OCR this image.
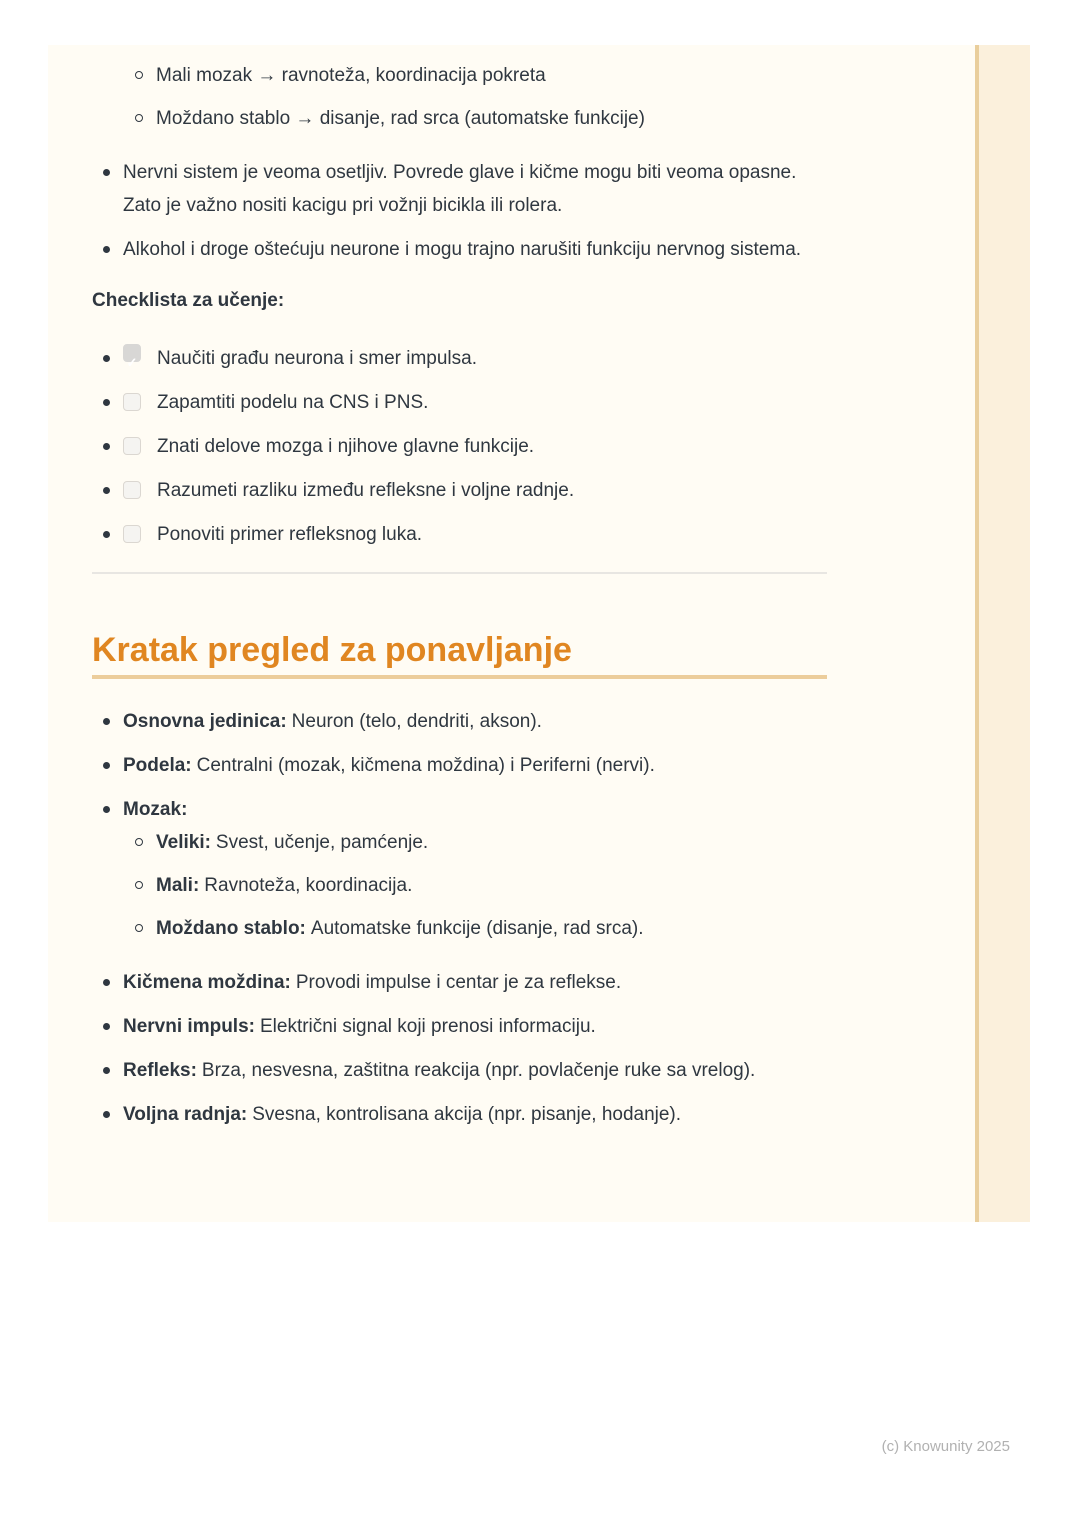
Mali mozak → ravnoteža, koordinacija pokreta
Moždano stablo → disanje, rad srca (automatske funkcije)
Nervni sistem je veoma osetljiv. Povrede glave i kičme mogu biti veoma opasne. Zato je važno nositi kacigu pri vožnji bicikla ili rolera.
Alkohol i droge oštećuju neurone i mogu trajno narušiti funkciju nervnog sistema.
Checklista za učenje:
✓ Naučiti građu neurona i smer impulsa.
Zapamtiti podelu na CNS i PNS.
Znati delove mozga i njihove glavne funkcije.
Razumeti razliku između refleksne i voljne radnje.
Ponoviti primer refleksnog luka.
Kratak pregled za ponavljanje
Osnovna jedinica: Neuron (telo, dendriti, akson).
Podela: Centralni (mozak, kičmena moždina) i Periferni (nervi).
Mozak:
Veliki: Svest, učenje, pamćenje.
Mali: Ravnoteža, koordinacija.
Moždano stablo: Automatske funkcije (disanje, rad srca).
Kičmena moždina: Provodi impulse i centar je za reflekse.
Nervni impuls: Električni signal koji prenosi informaciju.
Refleks: Brza, nesvesna, zaštitna reakcija (npr. povlačenje ruke sa vrelog).
Voljna radnja: Svesna, kontrolisana akcija (npr. pisanje, hodanje).
(c) Knowunity 2025
